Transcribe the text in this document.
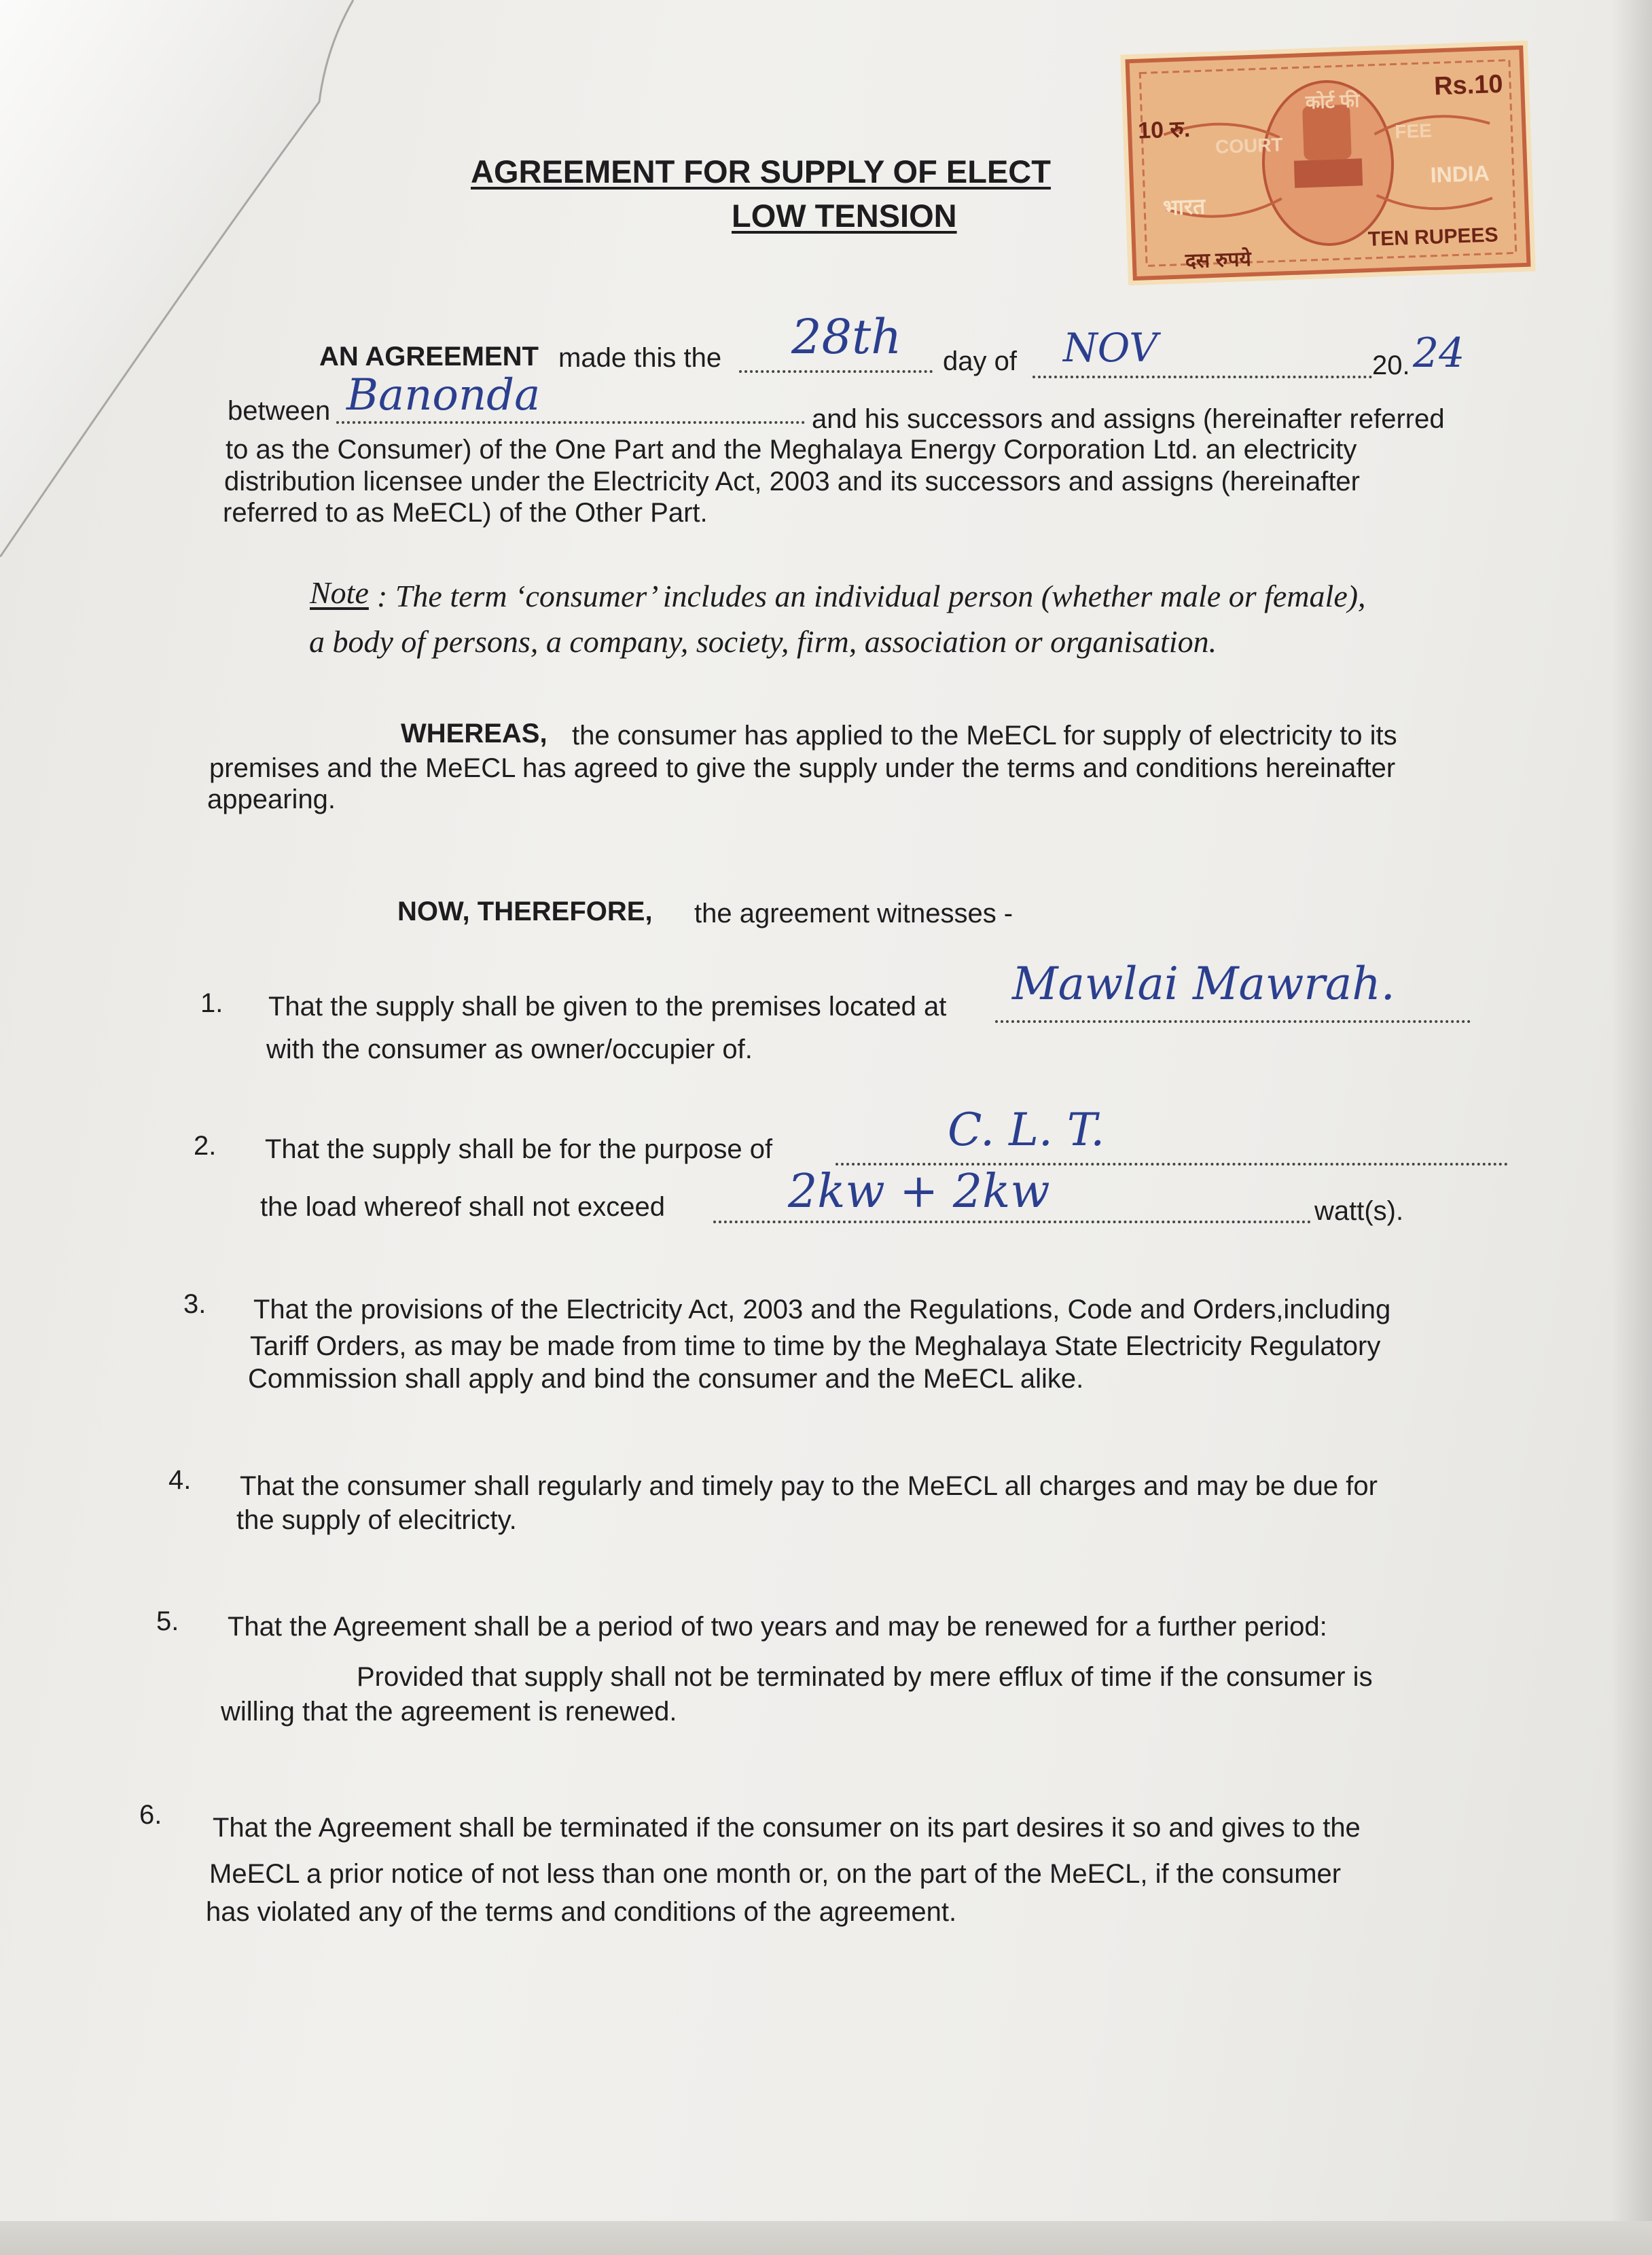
10 रु.
Rs.10
COURT
FEE
कोर्ट फी
भारत
INDIA
दस रुपये
TEN RUPEES
AGREEMENT FOR SUPPLY OF ELECT
LOW TENSION
AN AGREEMENT made this the 28th day of NOV	20. 24
between Banonda	and his successors and assigns (hereinafter referred
to as the Consumer) of the One Part and the Meghalaya Energy Corporation Ltd. an electricity
distribution licensee under the Electricity Act, 2003 and its successors and assigns (hereinafter
referred to as MeECL) of the Other Part.
Note : The term ‘consumer’ includes an individual person (whether male or female),
a body of persons, a company, society, firm, association or organisation.
WHEREAS, the consumer has applied to the MeECL for supply of electricity to its
premises and the MeECL has agreed to give the supply under the terms and conditions hereinafter
appearing.
NOW, THEREFORE, the agreement witnesses -
1. That the supply shall be given to the premises located at Mawlai Mawrah.
with the consumer as owner/occupier of.
2. That the supply shall be for the purpose of	C. L. T.
the load whereof shall not exceed	2kw + 2kw	watt(s).
3. That the provisions of the Electricity Act, 2003 and the Regulations, Code and Orders,including
Tariff Orders, as may be made from time to time by the Meghalaya State Electricity Regulatory
Commission shall apply and bind the consumer and the MeECL alike.
4. That the consumer shall regularly and timely pay to the MeECL all charges and may be due for
the supply of elecitricty.
5. That the Agreement shall be a period of two years and may be renewed for a further period:
Provided that supply shall not be terminated by mere efflux of time if the consumer is
willing that the agreement is renewed.
6. That the Agreement shall be terminated if the consumer on its part desires it so and gives to the
MeECL a prior notice of not less than one month or, on the part of the MeECL, if the consumer
has violated any of the terms and conditions of the agreement.
